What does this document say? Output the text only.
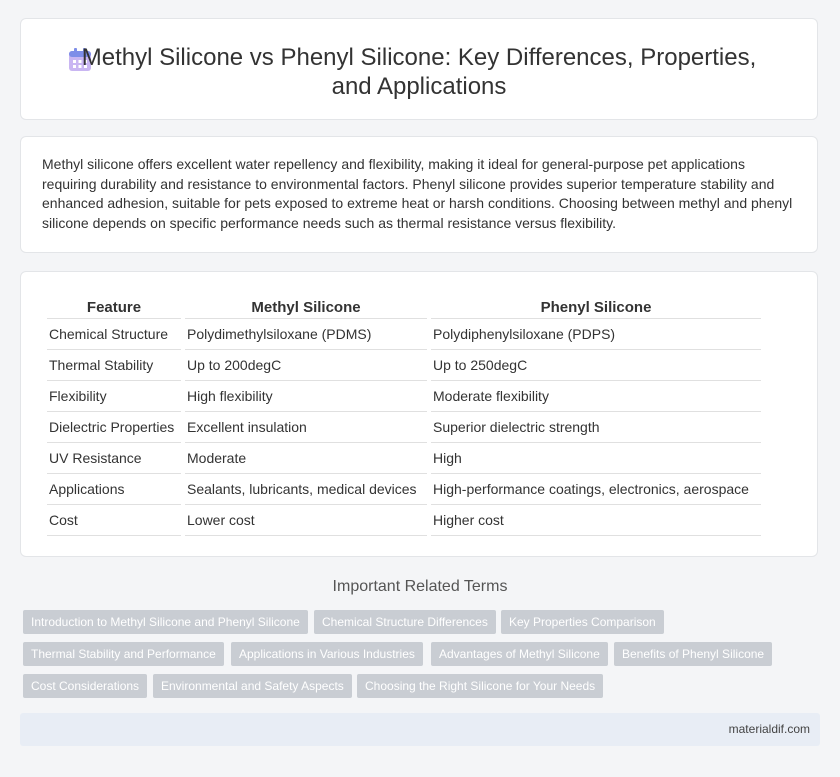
Methyl Silicone vs Phenyl Silicone: Key Differences, Properties, and Applications
Methyl silicone offers excellent water repellency and flexibility, making it ideal for general-purpose pet applications requiring durability and resistance to environmental factors. Phenyl silicone provides superior temperature stability and enhanced adhesion, suitable for pets exposed to extreme heat or harsh conditions. Choosing between methyl and phenyl silicone depends on specific performance needs such as thermal resistance versus flexibility.
Feature	Methyl Silicone	Phenyl Silicone
Chemical Structure	Polydimethylsiloxane (PDMS)	Polydiphenylsiloxane (PDPS)
Thermal Stability	Up to 200degC	Up to 250degC
Flexibility	High flexibility	Moderate flexibility
Dielectric Properties	Excellent insulation	Superior dielectric strength
UV Resistance	Moderate	High
Applications	Sealants, lubricants, medical devices	High-performance coatings, electronics, aerospace
Cost	Lower cost	Higher cost
Important Related Terms
Introduction to Methyl Silicone and Phenyl Silicone	Chemical Structure Differences	Key Properties Comparison
Thermal Stability and Performance	Applications in Various Industries	Advantages of Methyl Silicone	Benefits of Phenyl Silicone
Cost Considerations	Environmental and Safety Aspects	Choosing the Right Silicone for Your Needs
materialdif.com
